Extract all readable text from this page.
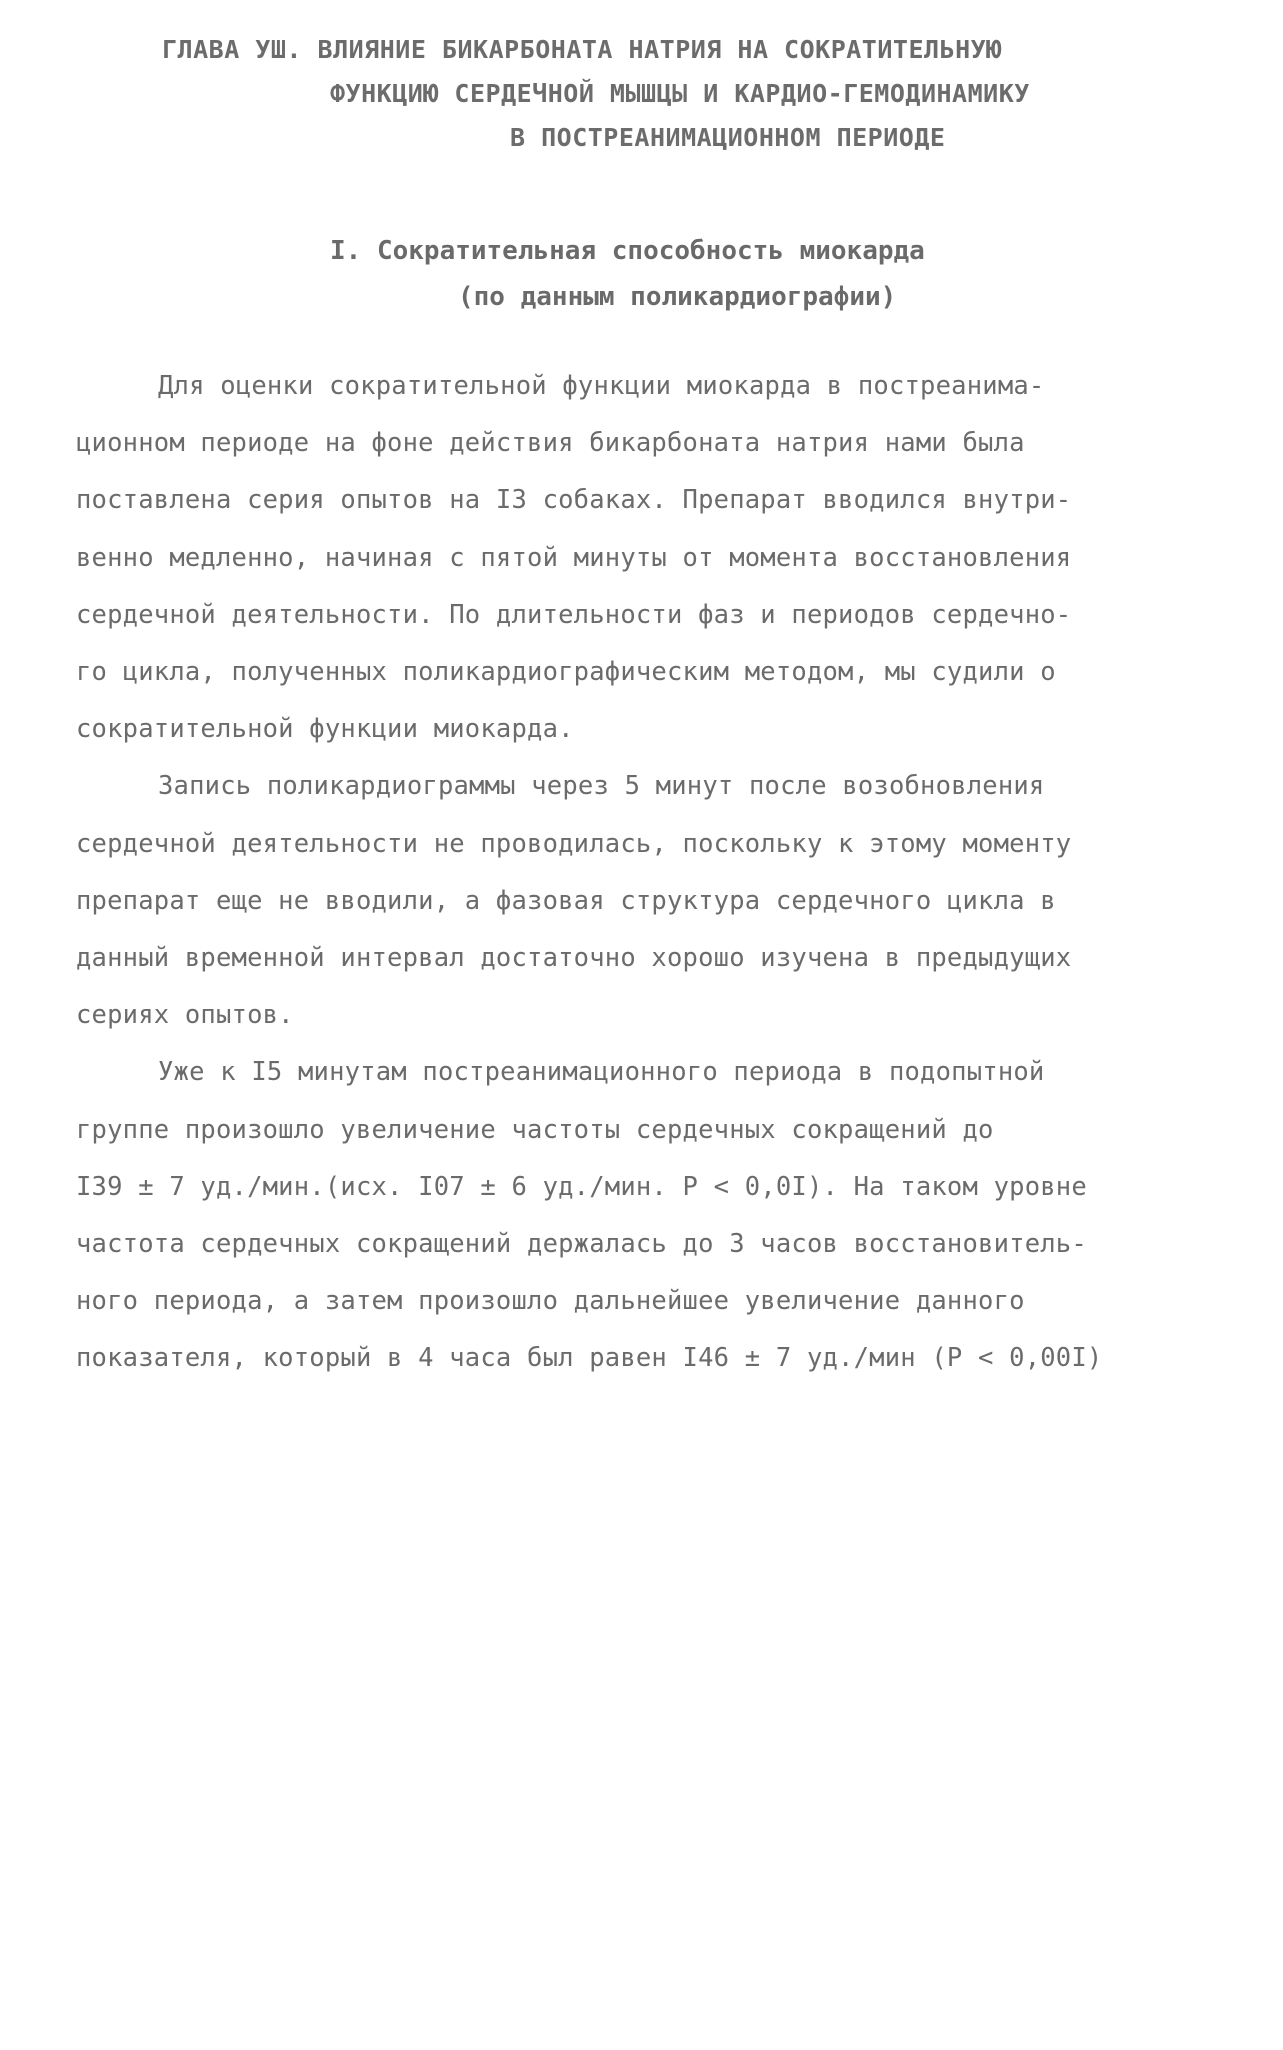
ГЛАВА УШ. ВЛИЯНИЕ БИКАРБОНАТА НАТРИЯ НА СОКРАТИТЕЛЬНУЮ
ФУНКЦИЮ СЕРДЕЧНОЙ МЫШЦЫ И КАРДИО-ГЕМОДИНАМИКУ
В ПОСТРЕАНИМАЦИОННОМ ПЕРИОДЕ
I. Сократительная способность миокарда
(по данным поликардиографии)
Для оценки сократительной функции миокарда в постреанима-
ционном периоде на фоне действия бикарбоната натрия нами была
поставлена серия опытов на I3 собаках. Препарат вводился внутри-
венно медленно, начиная с пятой минуты от момента восстановления
сердечной деятельности. По длительности фаз и периодов сердечно-
го цикла, полученных поликардиографическим методом, мы судили о
сократительной функции миокарда.
Запись поликардиограммы через 5 минут после возобновления
сердечной деятельности не проводилась, поскольку к этому моменту
препарат еще не вводили, а фазовая структура сердечного цикла в
данный временной интервал достаточно хорошо изучена в предыдущих
сериях опытов.
Уже к I5 минутам постреанимационного периода в подопытной
группе произошло увеличение частоты сердечных сокращений до
I39 ± 7 уд./мин.(исх. I07 ± 6 уд./мин. P < 0,0I). На таком уровне
частота сердечных сокращений держалась до 3 часов восстановитель-
ного периода, а затем произошло дальнейшее увеличение данного
показателя, который в 4 часа был равен I46 ± 7 уд./мин (P < 0,00I)
